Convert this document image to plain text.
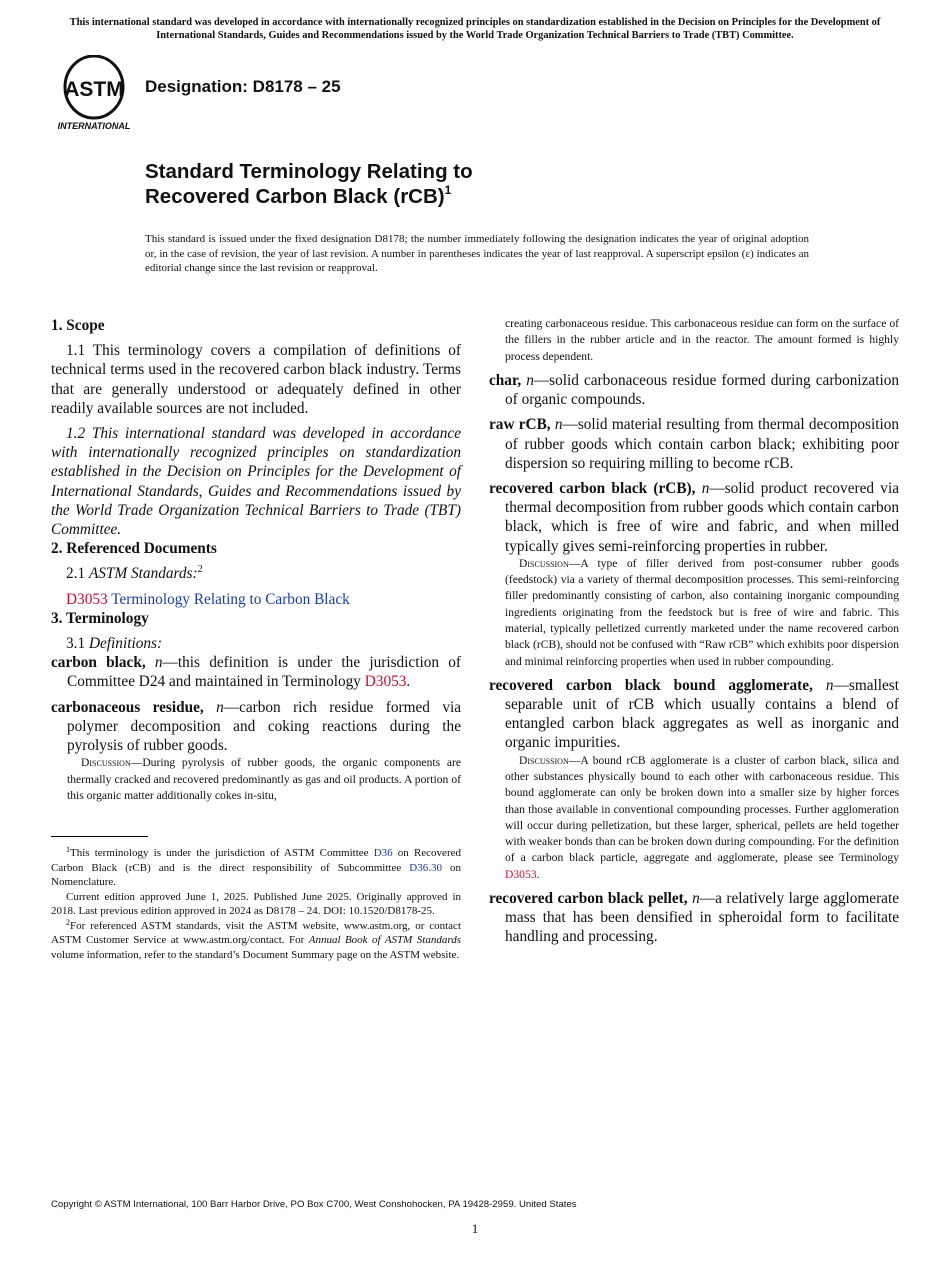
This international standard was developed in accordance with internationally recognized principles on standardization established in the Decision on Principles for the Development of International Standards, Guides and Recommendations issued by the World Trade Organization Technical Barriers to Trade (TBT) Committee.
ASTM
INTERNATIONAL
Designation: D8178 – 25
Standard Terminology Relating to
Recovered Carbon Black (rCB)$^1$
This standard is issued under the fixed designation D8178; the number immediately following the designation indicates the year of original adoption or, in the case of revision, the year of last revision. A number in parentheses indicates the year of last reapproval. A superscript epsilon (ε) indicates an editorial change since the last revision or reapproval.
1. Scope

1.1 This terminology covers a compilation of definitions of technical terms used in the recovered carbon black industry. Terms that are generally understood or adequately defined in other readily available sources are not included.

1.2 This international standard was developed in accordance with internationally recognized principles on standardization established in the Decision on Principles for the Development of International Standards, Guides and Recommendations issued by the World Trade Organization Technical Barriers to Trade (TBT) Committee.

2. Referenced Documents

2.1 ASTM Standards:$^2$

D3053 Terminology Relating to Carbon Black

3. Terminology

3.1 Definitions:

carbon black, n—this definition is under the jurisdiction of Committee D24 and maintained in Terminology D3053.

carbonaceous residue, n—carbon rich residue formed via polymer decomposition and coking reactions during the pyrolysis of rubber goods.

Discussion—During pyrolysis of rubber goods, the organic components are thermally cracked and recovered predominantly as gas and oil products. A portion of this organic matter additionally cokes in-situ,

$^1$This terminology is under the jurisdiction of ASTM Committee D36 on Recovered Carbon Black (rCB) and is the direct responsibility of Subcommittee D36.30 on Nomenclature.

Current edition approved June 1, 2025. Published June 2025. Originally approved in 2018. Last previous edition approved in 2024 as D8178 – 24. DOI: 10.1520/D8178-25.

$^2$For referenced ASTM standards, visit the ASTM website, www.astm.org, or contact ASTM Customer Service at www.astm.org/contact. For Annual Book of ASTM Standards volume information, refer to the standard’s Document Summary page on the ASTM website.

creating carbonaceous residue. This carbonaceous residue can form on the surface of the fillers in the rubber article and in the reactor. The amount formed is highly process dependent.

char, n—solid carbonaceous residue formed during carbonization of organic compounds.

raw rCB, n—solid material resulting from thermal decomposition of rubber goods which contain carbon black; exhibiting poor dispersion so requiring milling to become rCB.

recovered carbon black (rCB), n—solid product recovered via thermal decomposition from rubber goods which contain carbon black, which is free of wire and fabric, and when milled typically gives semi-reinforcing properties in rubber.

Discussion—A type of filler derived from post-consumer rubber goods (feedstock) via a variety of thermal decomposition processes. This semi-reinforcing filler predominantly consisting of carbon, also containing inorganic compounding ingredients originating from the feedstock but is free of wire and fabric. This material, typically pelletized currently marketed under the name recovered carbon black (rCB), should not be confused with “Raw rCB” which exhibits poor dispersion and minimal reinforcing properties when used in rubber compounding.

recovered carbon black bound agglomerate, n—smallest separable unit of rCB which usually contains a blend of entangled carbon black aggregates as well as inorganic and organic impurities.

Discussion—A bound rCB agglomerate is a cluster of carbon black, silica and other substances physically bound to each other with carbonaceous residue. This bound agglomerate can only be broken down into a smaller size by higher forces than those available in conventional compounding processes. Further agglomeration will occur during pelletization, but these larger, spherical, pellets are held together with weaker bonds than can be broken down during compounding. For the definition of a carbon black particle, aggregate and agglomerate, please see Terminology D3053.

recovered carbon black pellet, n—a relatively large agglomerate mass that has been densified in spheroidal form to facilitate handling and processing.

Copyright © ASTM International, 100 Barr Harbor Drive, PO Box C700, West Conshohocken, PA 19428-2959. United States
1
